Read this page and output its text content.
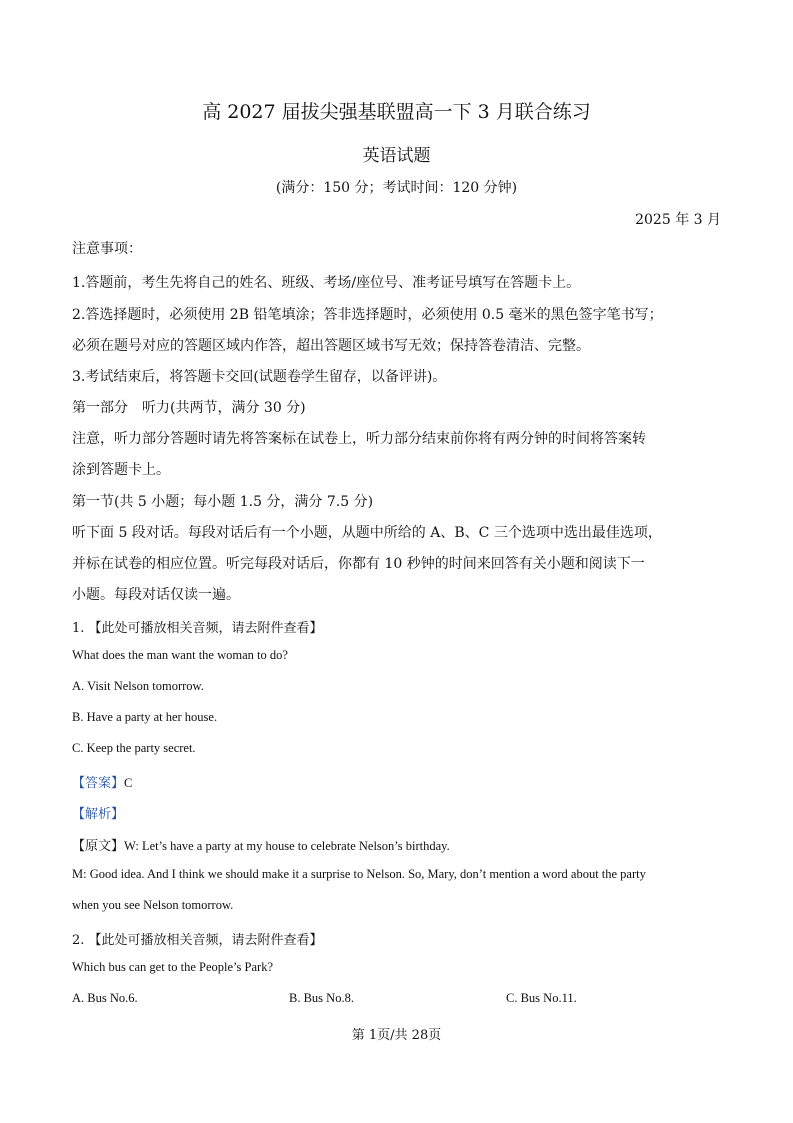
高 2027 届拔尖强基联盟高一下 3 月联合练习
英语试题
(满分：150 分；考试时间：120 分钟)
2025 年 3 月
注意事项：
1.答题前，考生先将自己的姓名、班级、考场/座位号、准考证号填写在答题卡上。
2.答选择题时，必须使用 2B 铅笔填涂；答非选择题时，必须使用 0.5 毫米的黑色签字笔书写；
必须在题号对应的答题区域内作答，超出答题区域书写无效；保持答卷清洁、完整。
3.考试结束后，将答题卡交回(试题卷学生留存，以备评讲)。
第一部分　听力(共两节，满分 30 分)
注意，听力部分答题时请先将答案标在试卷上，听力部分结束前你将有两分钟的时间将答案转
涂到答题卡上。
第一节(共 5 小题；每小题 1.5 分，满分 7.5 分)
听下面 5 段对话。每段对话后有一个小题，从题中所给的 A、B、C 三个选项中选出最佳选项，
并标在试卷的相应位置。听完每段对话后，你都有 10 秒钟的时间来回答有关小题和阅读下一
小题。每段对话仅读一遍。
1. 【此处可播放相关音频，请去附件查看】
What does the man want the woman to do?
A. Visit Nelson tomorrow.
B. Have a party at her house.
C. Keep the party secret.
【答案】C
【解析】
【原文】W: Let’s have a party at my house to celebrate Nelson’s birthday.
M: Good idea. And I think we should make it a surprise to Nelson. So, Mary, don’t mention a word about the party
when you see Nelson tomorrow.
2. 【此处可播放相关音频，请去附件查看】
Which bus can get to the People’s Park?
A. Bus No.6.	B. Bus No.8.	C. Bus No.11.
第 1页/共 28页
